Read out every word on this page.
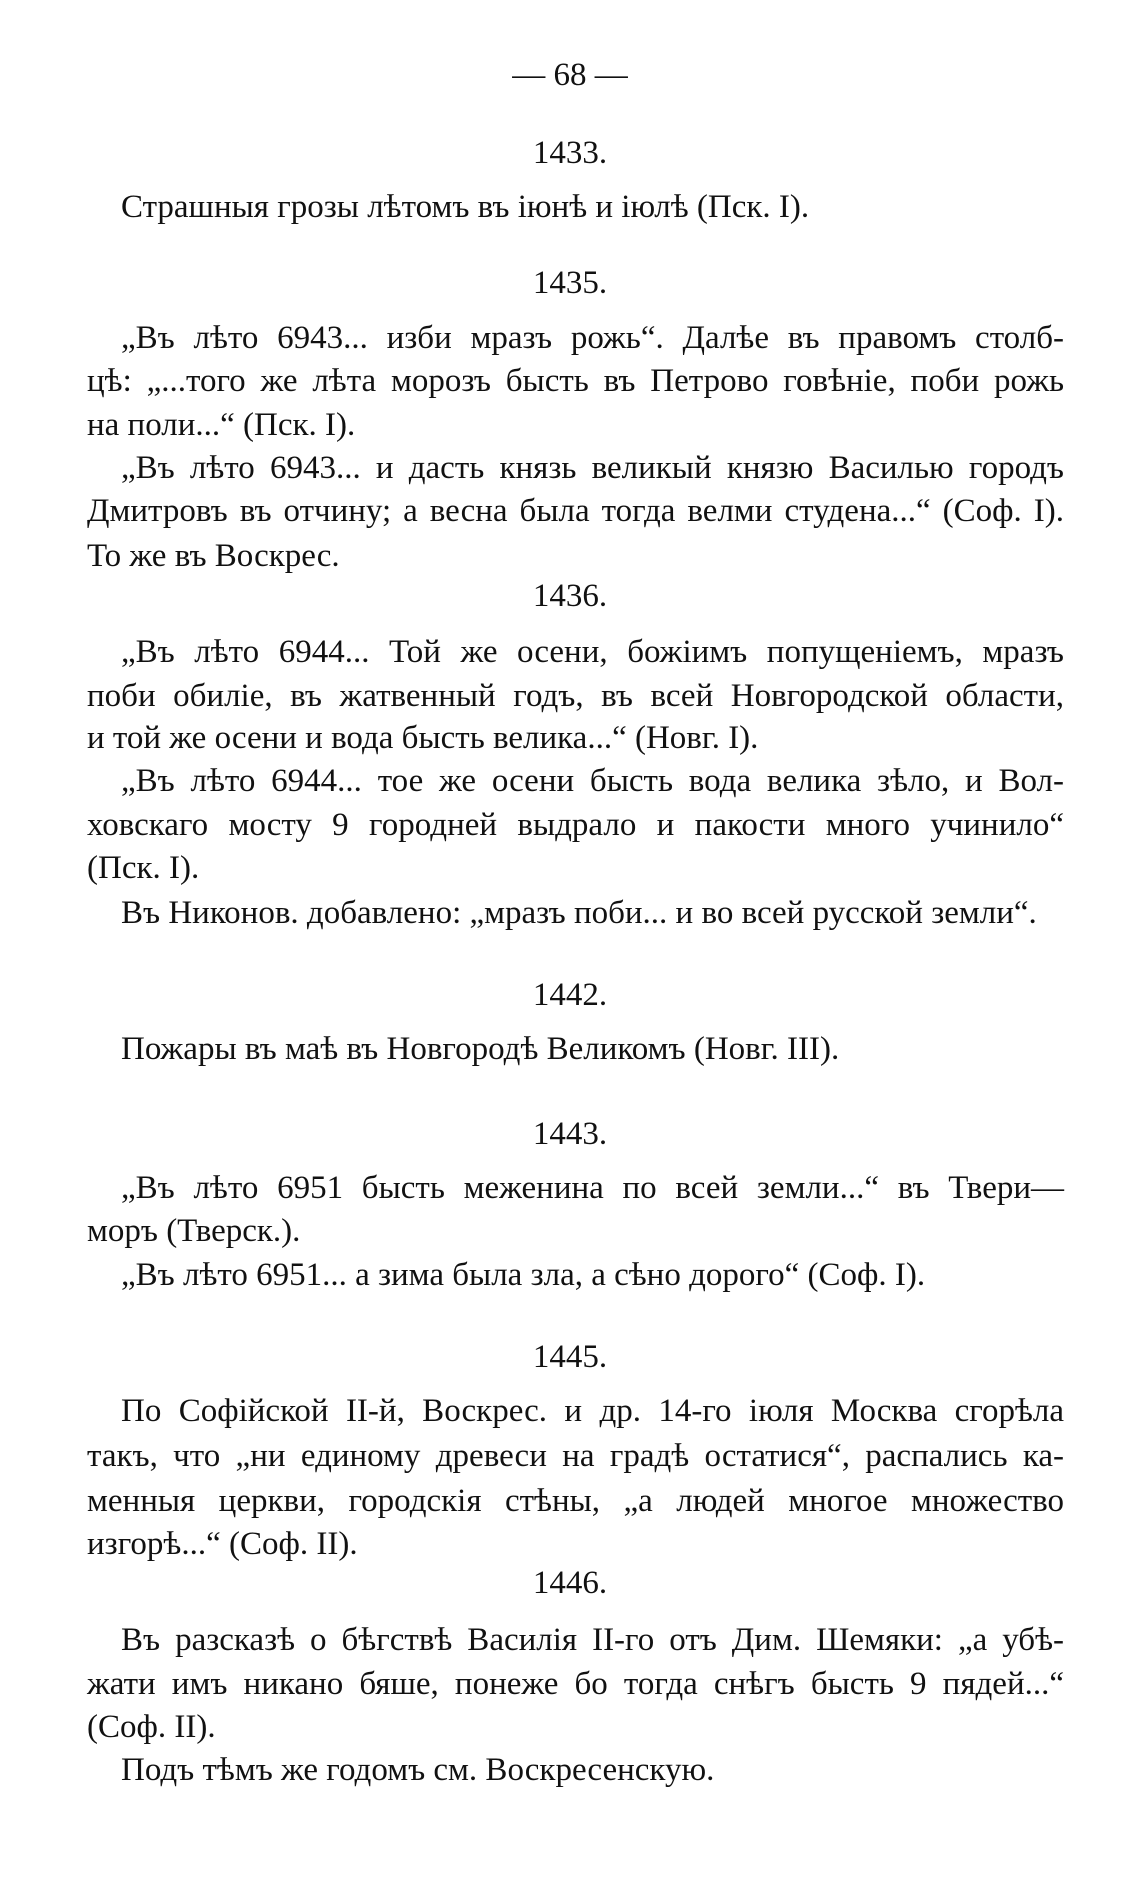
— 68 —
1433.
Страшныя грозы лѣтомъ въ іюнѣ и іюлѣ (Пск. I).
1435.
„Въ лѣто 6943... изби мразъ рожь“. Далѣе въ правомъ столб-
цѣ: „...того же лѣта морозъ бысть въ Петрово говѣніе, поби рожь
на поли...“ (Пск. I).
„Въ лѣто 6943... и дасть князь великый князю Василью городъ
Дмитровъ въ отчину; а весна была тогда велми студена...“ (Соф. I).
То же въ Воскрес.
1436.
„Въ лѣто 6944... Той же осени, божіимъ попущеніемъ, мразъ
поби обиліе, въ жатвенный годъ, въ всей Новгородской области,
и той же осени и вода бысть велика...“ (Новг. I).
„Въ лѣто 6944... тое же осени бысть вода велика зѣло, и Вол-
ховскаго мосту 9 городней выдрало и пакости много учинило“
(Пск. I).
Въ Никонов. добавлено: „мразъ поби... и во всей русской земли“.
1442.
Пожары въ маѣ въ Новгородѣ Великомъ (Новг. III).
1443.
„Въ лѣто 6951 бысть меженина по всей земли...“ въ Твери—
моръ (Тверск.).
„Въ лѣто 6951... а зима была зла, а сѣно дорого“ (Соф. I).
1445.
По Софійской II-й, Воскрес. и др. 14-го іюля Москва сгорѣла
такъ, что „ни единому древеси на градѣ остатися“, распались ка-
менныя церкви, городскія стѣны, „а людей многое множество
изгорѣ...“ (Соф. II).
1446.
Въ разсказѣ о бѣгствѣ Василія II-го отъ Дим. Шемяки: „а убѣ-
жати имъ никано бяше, понеже бо тогда снѣгъ бысть 9 пядей...“
(Соф. II).
Подъ тѣмъ же годомъ см. Воскресенскую.
